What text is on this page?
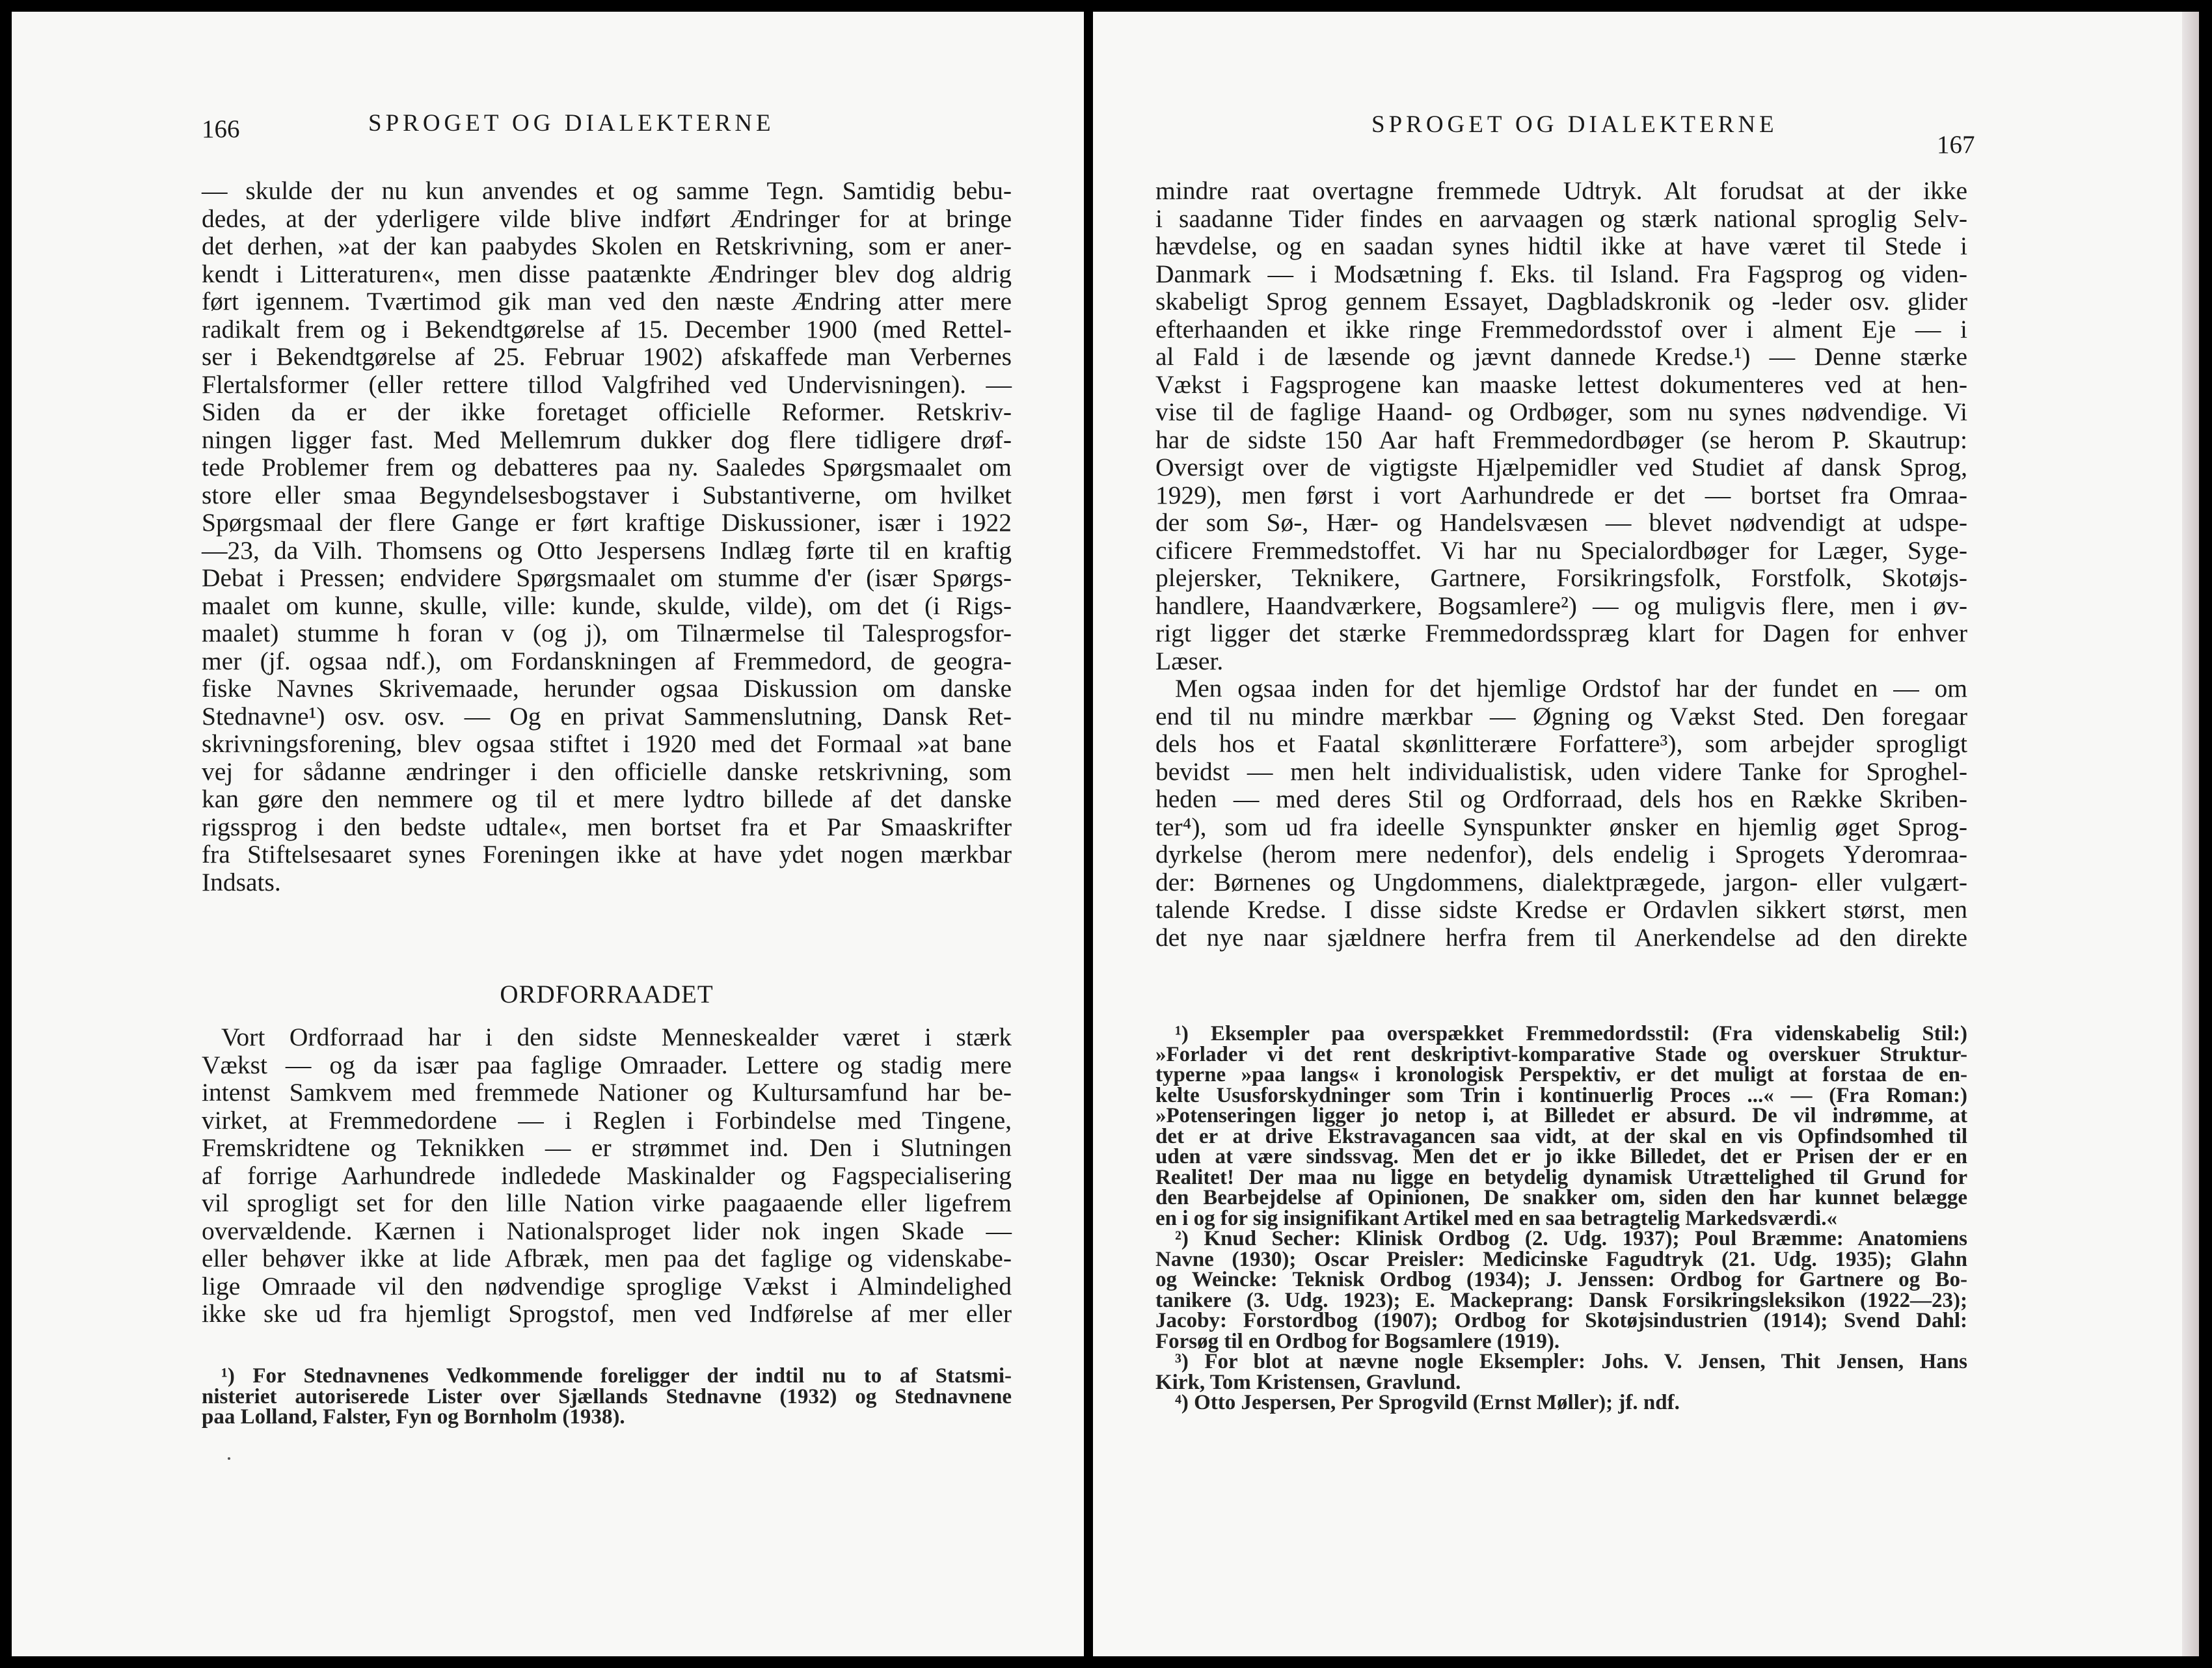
166	SPROGET OG DIALEKTERNE
— skulde der nu kun anvendes et og samme Tegn. Samtidig bebu-
dedes, at der yderligere vilde blive indført Ændringer for at bringe
det derhen, »at der kan paabydes Skolen en Retskrivning, som er aner-
kendt i Litteraturen«, men disse paatænkte Ændringer blev dog aldrig
ført igennem. Tværtimod gik man ved den næste Ændring atter mere
radikalt frem og i Bekendtgørelse af 15. December 1900 (med Rettel-
ser i Bekendtgørelse af 25. Februar 1902) afskaffede man Verbernes
Flertalsformer (eller rettere tillod Valgfrihed ved Undervisningen). —
Siden da er der ikke foretaget officielle Reformer. Retskriv-
ningen ligger fast. Med Mellemrum dukker dog flere tidligere drøf-
tede Problemer frem og debatteres paa ny. Saaledes Spørgsmaalet om
store eller smaa Begyndelsesbogstaver i Substantiverne, om hvilket
Spørgsmaal der flere Gange er ført kraftige Diskussioner, især i 1922
—23, da Vilh. Thomsens og Otto Jespersens Indlæg førte til en kraftig
Debat i Pressen; endvidere Spørgsmaalet om stumme d'er (især Spørgs-
maalet om kunne, skulle, ville: kunde, skulde, vilde), om det (i Rigs-
maalet) stumme h foran v (og j), om Tilnærmelse til Talesprogsfor-
mer (jf. ogsaa ndf.), om Fordanskningen af Fremmedord, de geogra-
fiske Navnes Skrivemaade, herunder ogsaa Diskussion om danske
Stednavne¹) osv. osv. — Og en privat Sammenslutning, Dansk Ret-
skrivningsforening, blev ogsaa stiftet i 1920 med det Formaal »at bane
vej for sådanne ændringer i den officielle danske retskrivning, som
kan gøre den nemmere og til et mere lydtro billede af det danske
rigssprog i den bedste udtale«, men bortset fra et Par Smaaskrifter
fra Stiftelsesaaret synes Foreningen ikke at have ydet nogen mærkbar
Indsats.
ORDFORRAADET
Vort Ordforraad har i den sidste Menneskealder været i stærk
Vækst — og da især paa faglige Omraader. Lettere og stadig mere
intenst Samkvem med fremmede Nationer og Kultursamfund har be-
virket, at Fremmedordene — i Reglen i Forbindelse med Tingene,
Fremskridtene og Teknikken — er strømmet ind. Den i Slutningen
af forrige Aarhundrede indledede Maskinalder og Fagspecialisering
vil sprogligt set for den lille Nation virke paagaaende eller ligefrem
overvældende. Kærnen i Nationalsproget lider nok ingen Skade —
eller behøver ikke at lide Afbræk, men paa det faglige og videnskabe-
lige Omraade vil den nødvendige sproglige Vækst i Almindelighed
ikke ske ud fra hjemligt Sprogstof, men ved Indførelse af mer eller
¹) For Stednavnenes Vedkommende foreligger der indtil nu to af Statsmi-
nisteriet autoriserede Lister over Sjællands Stednavne (1932) og Stednavnene
paa Lolland, Falster, Fyn og Bornholm (1938).
SPROGET OG DIALEKTERNE
167
mindre raat overtagne fremmede Udtryk. Alt forudsat at der ikke
i saadanne Tider findes en aarvaagen og stærk national sproglig Selv-
hævdelse, og en saadan synes hidtil ikke at have været til Stede i
Danmark — i Modsætning f. Eks. til Island. Fra Fagsprog og viden-
skabeligt Sprog gennem Essayet, Dagbladskronik og -leder osv. glider
efterhaanden et ikke ringe Fremmedordsstof over i alment Eje — i
al Fald i de læsende og jævnt dannede Kredse.¹) — Denne stærke
Vækst i Fagsprogene kan maaske lettest dokumenteres ved at hen-
vise til de faglige Haand- og Ordbøger, som nu synes nødvendige. Vi
har de sidste 150 Aar haft Fremmedordbøger (se herom P. Skautrup:
Oversigt over de vigtigste Hjælpemidler ved Studiet af dansk Sprog,
1929), men først i vort Aarhundrede er det — bortset fra Omraa-
der som Sø-, Hær- og Handelsvæsen — blevet nødvendigt at udspe-
cificere Fremmedstoffet. Vi har nu Specialordbøger for Læger, Syge-
plejersker, Teknikere, Gartnere, Forsikringsfolk, Forstfolk, Skotøjs-
handlere, Haandværkere, Bogsamlere²) — og muligvis flere, men i øv-
rigt ligger det stærke Fremmedordsspræg klart for Dagen for enhver
Læser.
Men ogsaa inden for det hjemlige Ordstof har der fundet en — om
end til nu mindre mærkbar — Øgning og Vækst Sted. Den foregaar
dels hos et Faatal skønlitterære Forfattere³), som arbejder sprogligt
bevidst — men helt individualistisk, uden videre Tanke for Sproghel-
heden — med deres Stil og Ordforraad, dels hos en Række Skriben-
ter⁴), som ud fra ideelle Synspunkter ønsker en hjemlig øget Sprog-
dyrkelse (herom mere nedenfor), dels endelig i Sprogets Yderomraa-
der: Børnenes og Ungdommens, dialektprægede, jargon- eller vulgært-
talende Kredse. I disse sidste Kredse er Ordavlen sikkert størst, men
det nye naar sjældnere herfra frem til Anerkendelse ad den direkte
¹) Eksempler paa overspækket Fremmedordsstil: (Fra videnskabelig Stil:)
»Forlader vi det rent deskriptivt-komparative Stade og overskuer Struktur-
typerne »paa langs« i kronologisk Perspektiv, er det muligt at forstaa de en-
kelte Ususforskydninger som Trin i kontinuerlig Proces ...« — (Fra Roman:)
»Potenseringen ligger jo netop i, at Billedet er absurd. De vil indrømme, at
det er at drive Ekstravagancen saa vidt, at der skal en vis Opfindsomhed til
uden at være sindssvag. Men det er jo ikke Billedet, det er Prisen der er en
Realitet! Der maa nu ligge en betydelig dynamisk Utrættelighed til Grund for
den Bearbejdelse af Opinionen, De snakker om, siden den har kunnet belægge
en i og for sig insignifikant Artikel med en saa betragtelig Markedsværdi.«
²) Knud Secher: Klinisk Ordbog (2. Udg. 1937); Poul Bræmme: Anatomiens
Navne (1930); Oscar Preisler: Medicinske Fagudtryk (21. Udg. 1935); Glahn
og Weincke: Teknisk Ordbog (1934); J. Jenssen: Ordbog for Gartnere og Bo-
tanikere (3. Udg. 1923); E. Mackeprang: Dansk Forsikringsleksikon (1922—23);
Jacoby: Forstordbog (1907); Ordbog for Skotøjsindustrien (1914); Svend Dahl:
Forsøg til en Ordbog for Bogsamlere (1919).
³) For blot at nævne nogle Eksempler: Johs. V. Jensen, Thit Jensen, Hans
Kirk, Tom Kristensen, Gravlund.
⁴) Otto Jespersen, Per Sprogvild (Ernst Møller); jf. ndf.
